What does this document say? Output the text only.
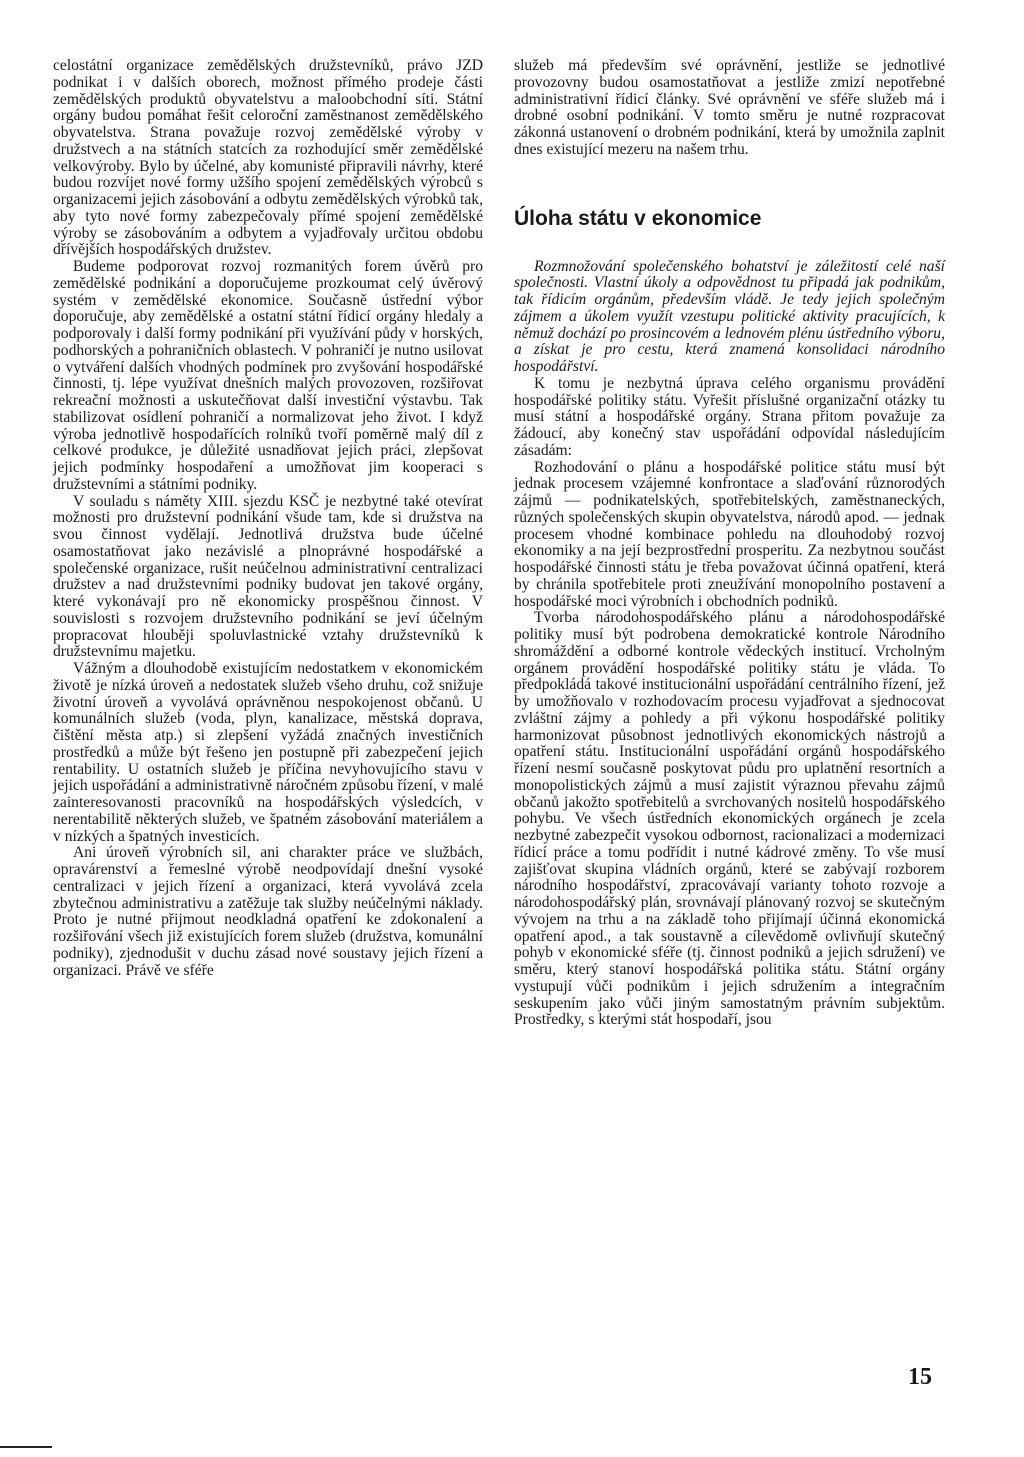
celostátní organizace zemědělských družstevníků, právo JZD podnikat i v dalších oborech, možnost přímého prodeje části zemědělských produktů obyvatelstvu a maloobchodní síti. Státní orgány budou pomáhat řešit celoroční zaměstnanost zemědělského obyvatelstva. Strana považuje rozvoj zemědělské výroby v družstvech a na státních statcích za rozhodující směr zemědělské velkovýroby. Bylo by účelné, aby komunisté připravili návrhy, které budou rozvíjet nové formy užšího spojení zemědělských výrobců s organizacemi jejich zásobování a odbytu zemědělských výrobků tak, aby tyto nové formy zabezpečovaly přímé spojení zemědělské výroby se zásobováním a odbytem a vyjadřovaly určitou obdobu dřívějších hospodářských družstev.

Budeme podporovat rozvoj rozmanitých forem úvěrů pro zemědělské podnikání a doporučujeme prozkoumat celý úvěrový systém v zemědělské ekonomice. Současně ústřední výbor doporučuje, aby zemědělské a ostatní státní řídicí orgány hledaly a podporovaly i další formy podnikání při využívání půdy v horských, podhorských a pohraničních oblastech. V pohraničí je nutno usilovat o vytváření dalších vhodných podmínek pro zvyšování hospodářské činnosti, tj. lépe využívat dnešních malých provozoven, rozšiřovat rekreační možnosti a uskutečňovat další investiční výstavbu. Tak stabilizovat osídlení pohraničí a normalizovat jeho život. I když výroba jednotlivě hospodařících rolníků tvoří poměrně malý díl z celkové produkce, je důležité usnadňovat jejich práci, zlepšovat jejich podmínky hospodaření a umožňovat jim kooperaci s družstevními a státními podniky.

V souladu s náměty XIII. sjezdu KSČ je nezbytné také otevírat možnosti pro družstevní podnikání všude tam, kde si družstva na svou činnost vydělají. Jednotlivá družstva bude účelné osamostatňovat jako nezávislé a plnoprávné hospodářské a společenské organizace, rušit neúčelnou administrativní centralizaci družstev a nad družstevními podniky budovat jen takové orgány, které vykonávají pro ně ekonomicky prospěšnou činnost. V souvislosti s rozvojem družstevního podnikání se jeví účelným propracovat hlouběji spoluvlastnické vztahy družstevníků k družstevnímu majetku.

Vážným a dlouhodobě existujícím nedostatkem v ekonomickém životě je nízká úroveň a nedostatek služeb všeho druhu, což snižuje životní úroveň a vyvolává oprávněnou nespokojenost občanů. U komunálních služeb (voda, plyn, kanalizace, městská doprava, čištění města atp.) si zlepšení vyžádá značných investičních prostředků a může být řešeno jen postupně při zabezpečení jejich rentability. U ostatních služeb je příčina nevyhovujícího stavu v jejich uspořádání a administrativně náročném způsobu řízení, v malé zainteresovanosti pracovníků na hospodářských výsledcích, v nerentabilitě některých služeb, ve špatném zásobování materiálem a v nízkých a špatných investicích.

Ani úroveň výrobních sil, ani charakter práce ve službách, opravárenství a řemeslné výrobě neodpovídají dnešní vysoké centralizaci v jejich řízení a organizaci, která vyvolává zcela zbytečnou administrativu a zatěžuje tak služby neúčelnými náklady. Proto je nutné přijmout neodkladná opatření ke zdokonalení a rozšiřování všech již existujících forem služeb (družstva, komunální podniky), zjednodušit v duchu zásad nové soustavy jejich řízení a organizaci. Právě ve sféře

služeb má především své oprávnění, jestliže se jednotlivé provozovny budou osamostatňovat a jestliže zmizí nepotřebné administrativní řídicí články. Své oprávnění ve sféře služeb má i drobné osobní podnikání. V tomto směru je nutné rozpracovat zákonná ustanovení o drobném podnikání, která by umožnila zaplnit dnes existující mezeru na našem trhu.

Úloha státu v ekonomice

Rozmnožování společenského bohatství je záležitostí celé naší společnosti. Vlastní úkoly a odpovědnost tu připadá jak podnikům, tak řídicím orgánům, především vládě. Je tedy jejich společným zájmem a úkolem využít vzestupu politické aktivity pracujících, k němuž dochází po prosincovém a lednovém plénu ústředního výboru, a získat je pro cestu, která znamená konsolidaci národního hospodářství.

K tomu je nezbytná úprava celého organismu provádění hospodářské politiky státu. Vyřešit příslušné organizační otázky tu musí státní a hospodářské orgány. Strana přitom považuje za žádoucí, aby konečný stav uspořádání odpovídal následujícím zásadám:

Rozhodování o plánu a hospodářské politice státu musí být jednak procesem vzájemné konfrontace a slaďování různorodých zájmů — podnikatelských, spotřebitelských, zaměstnaneckých, různých společenských skupin obyvatelstva, národů apod. — jednak procesem vhodné kombinace pohledu na dlouhodobý rozvoj ekonomiky a na její bezprostřední prosperitu. Za nezbytnou součást hospodářské činnosti státu je třeba považovat účinná opatření, která by chránila spotřebitele proti zneužívání monopolního postavení a hospodářské moci výrobních i obchodních podniků.

Tvorba národohospodářského plánu a národohospodářské politiky musí být podrobena demokratické kontrole Národního shromáždění a odborné kontrole vědeckých institucí. Vrcholným orgánem provádění hospodářské politiky státu je vláda. To předpokládá takové institucionální uspořádání centrálního řízení, jež by umožňovalo v rozhodovacím procesu vyjadřovat a sjednocovat zvláštní zájmy a pohledy a při výkonu hospodářské politiky harmonizovat působnost jednotlivých ekonomických nástrojů a opatření státu. Institucionální uspořádání orgánů hospodářského řízení nesmí současně poskytovat půdu pro uplatnění resortních a monopolistických zájmů a musí zajistit výraznou převahu zájmů občanů jakožto spotřebitelů a svrchovaných nositelů hospodářského pohybu. Ve všech ústředních ekonomických orgánech je zcela nezbytné zabezpečit vysokou odbornost, racionalizaci a modernizaci řídicí práce a tomu podřídit i nutné kádrové změny. To vše musí zajišťovat skupina vládních orgánů, které se zabývají rozborem národního hospodářství, zpracovávají varianty tohoto rozvoje a národohospodářský plán, srovnávají plánovaný rozvoj se skutečným vývojem na trhu a na základě toho přijímají účinná ekonomická opatření apod., a tak soustavně a cílevědomě ovlivňují skutečný pohyb v ekonomické sféře (tj. činnost podniků a jejich sdružení) ve směru, který stanoví hospodářská politika státu. Státní orgány vystupují vůči podnikům i jejich sdružením a integračním seskupením jako vůči jiným samostatným právním subjektům. Prostředky, s kterými stát hospodaří, jsou

15
